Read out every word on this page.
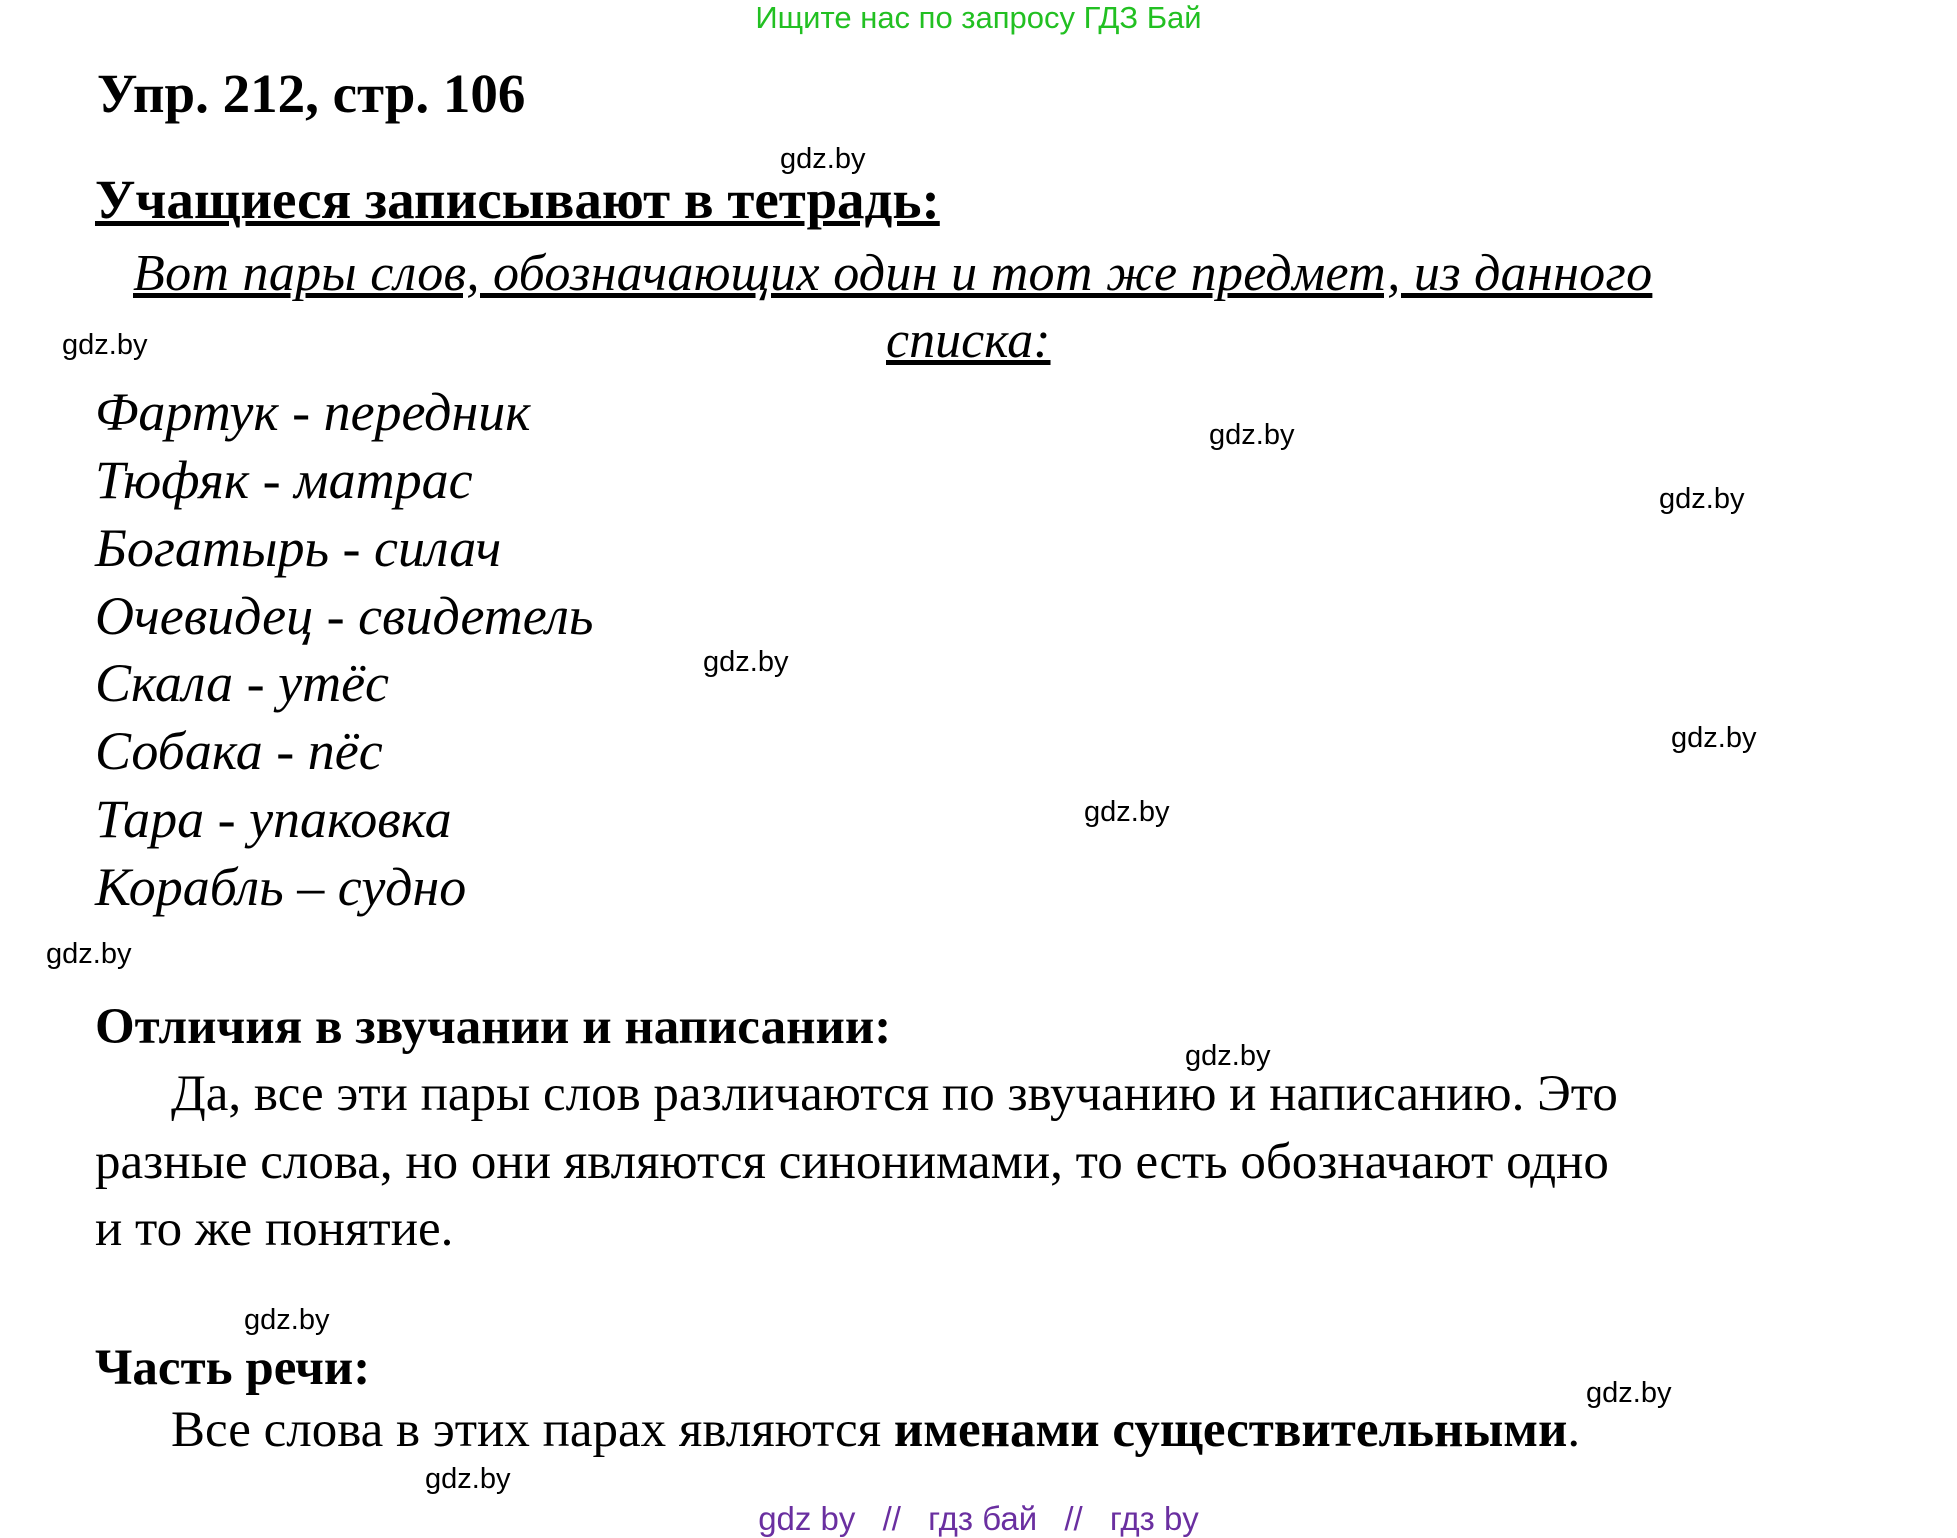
Ищите нас по запросу ГДЗ Бай
Упр. 212, стр. 106
gdz.by
Учащиеся записывают в тетрадь:
Вот пары слов, обозначающих один и тот же предмет, из данного
gdz.by	списка:
Фартук - передник	gdz.by
Тюфяк - матрас	gdz.by
Богатырь - силач
Очевидец - свидетель
gdz.by
Скала - утёс
gdz.by
Собака - пёс
gdz.by
Тара - упаковка
Корабль – судно
gdz.by
Отличия в звучании и написании:
gdz.by
Да, все эти пары слов различаются по звучанию и написанию. Это
разные слова, но они являются синонимами, то есть обозначают одно
и то же понятие.
gdz.by
Часть речи:	gdz.by
Все слова в этих парах являются именами существительными.
gdz.by
gdz by // гдз бай // гдз by
